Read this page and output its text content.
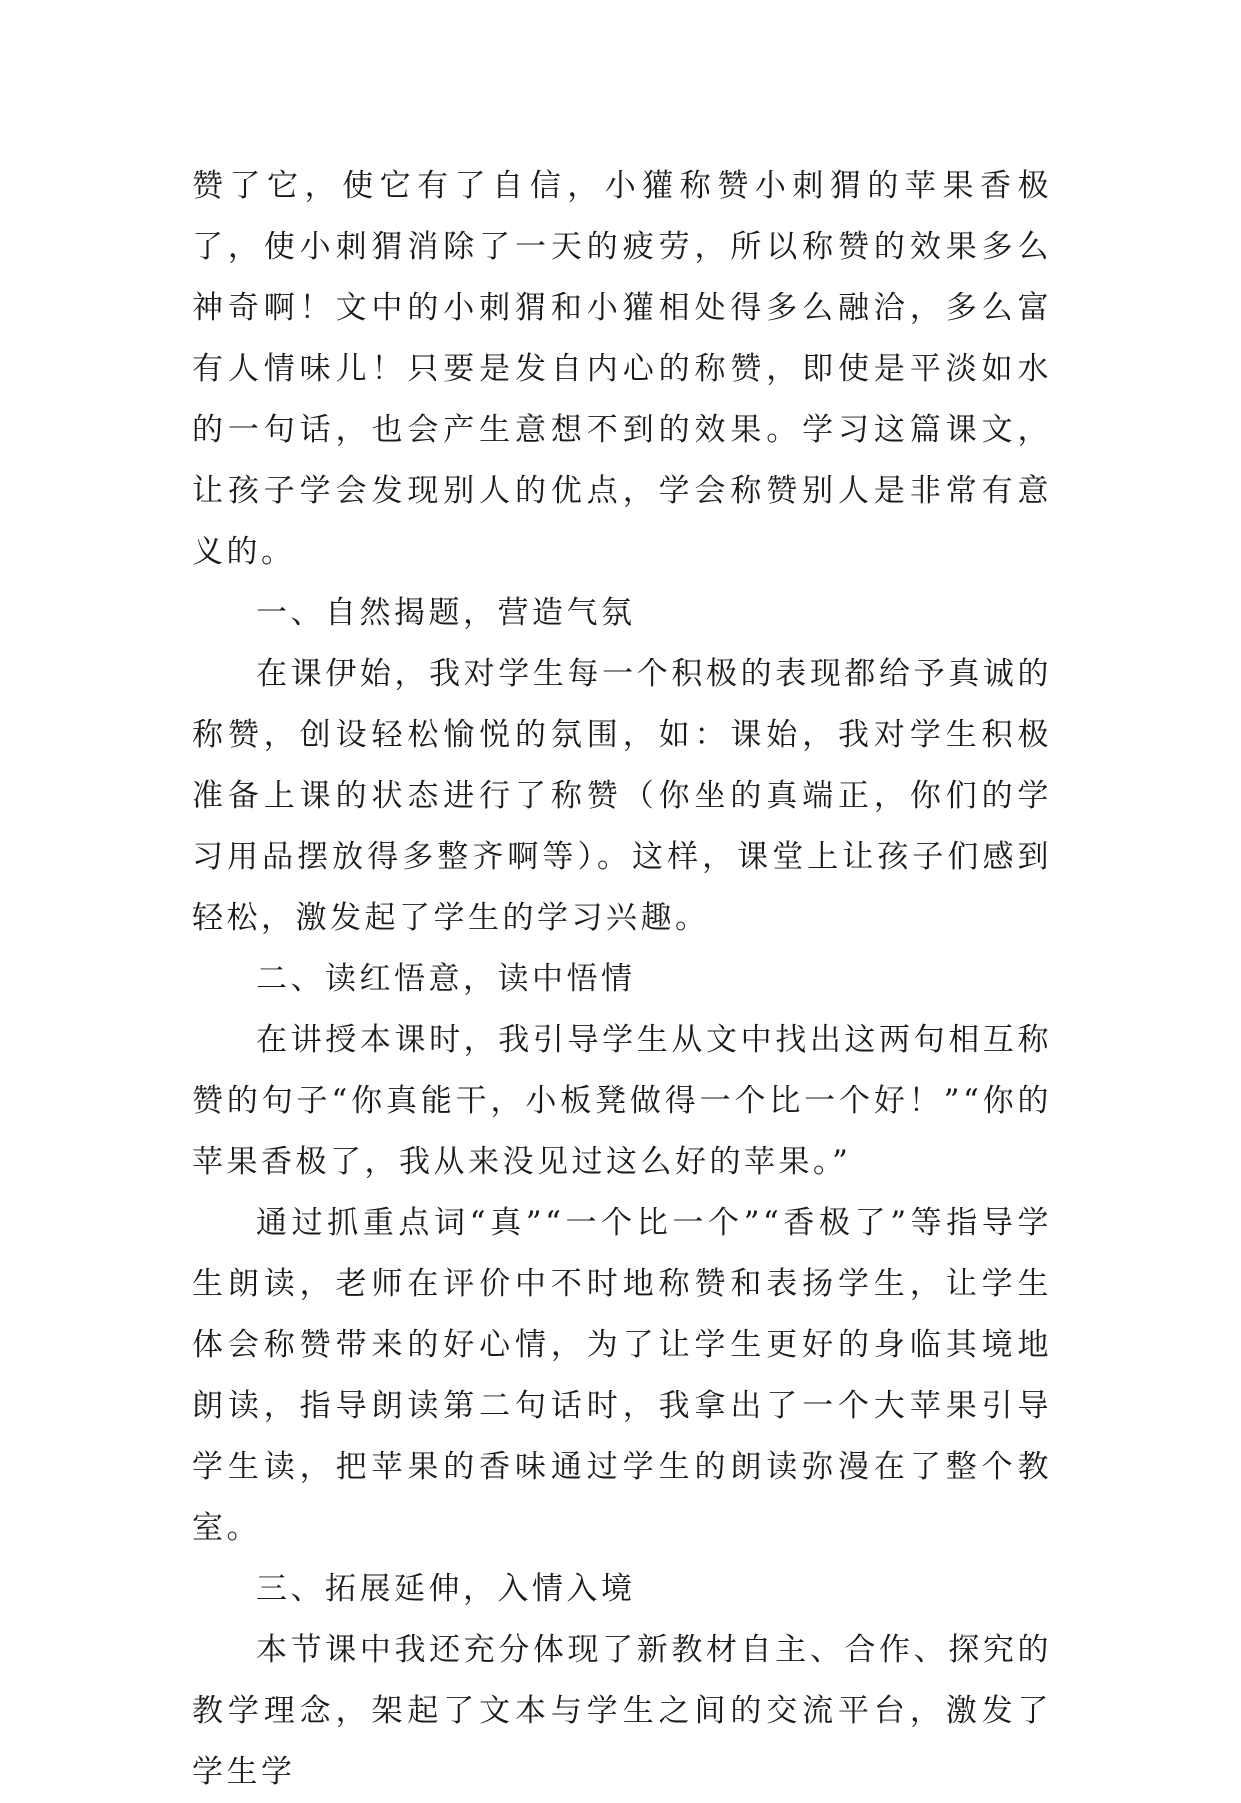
赞了它，使它有了自信，小獾称赞小刺猬的苹果香极了，使小刺猬消除了一天的疲劳，所以称赞的效果多么神奇啊！文中的小刺猬和小獾相处得多么融洽，多么富有人情味儿！只要是发自内心的称赞，即使是平淡如水的一句话，也会产生意想不到的效果。学习这篇课文，让孩子学会发现别人的优点，学会称赞别人是非常有意义的。

一、自然揭题，营造气氛

在课伊始，我对学生每一个积极的表现都给予真诚的称赞，创设轻松愉悦的氛围，如：课始，我对学生积极准备上课的状态进行了称赞（你坐的真端正，你们的学习用品摆放得多整齐啊等）。这样，课堂上让孩子们感到轻松，激发起了学生的学习兴趣。

二、读红悟意，读中悟情

在讲授本课时，我引导学生从文中找出这两句相互称赞的句子“你真能干，小板凳做得一个比一个好！”“你的苹果香极了，我从来没见过这么好的苹果。”

通过抓重点词“真”“一个比一个”“香极了”等指导学生朗读，老师在评价中不时地称赞和表扬学生，让学生体会称赞带来的好心情，为了让学生更好的身临其境地朗读，指导朗读第二句话时，我拿出了一个大苹果引导学生读，把苹果的香味通过学生的朗读弥漫在了整个教室。

三、拓展延伸，入情入境

本节课中我还充分体现了新教材自主、合作、探究的教学理念，架起了文本与学生之间的交流平台，激发了学生学
